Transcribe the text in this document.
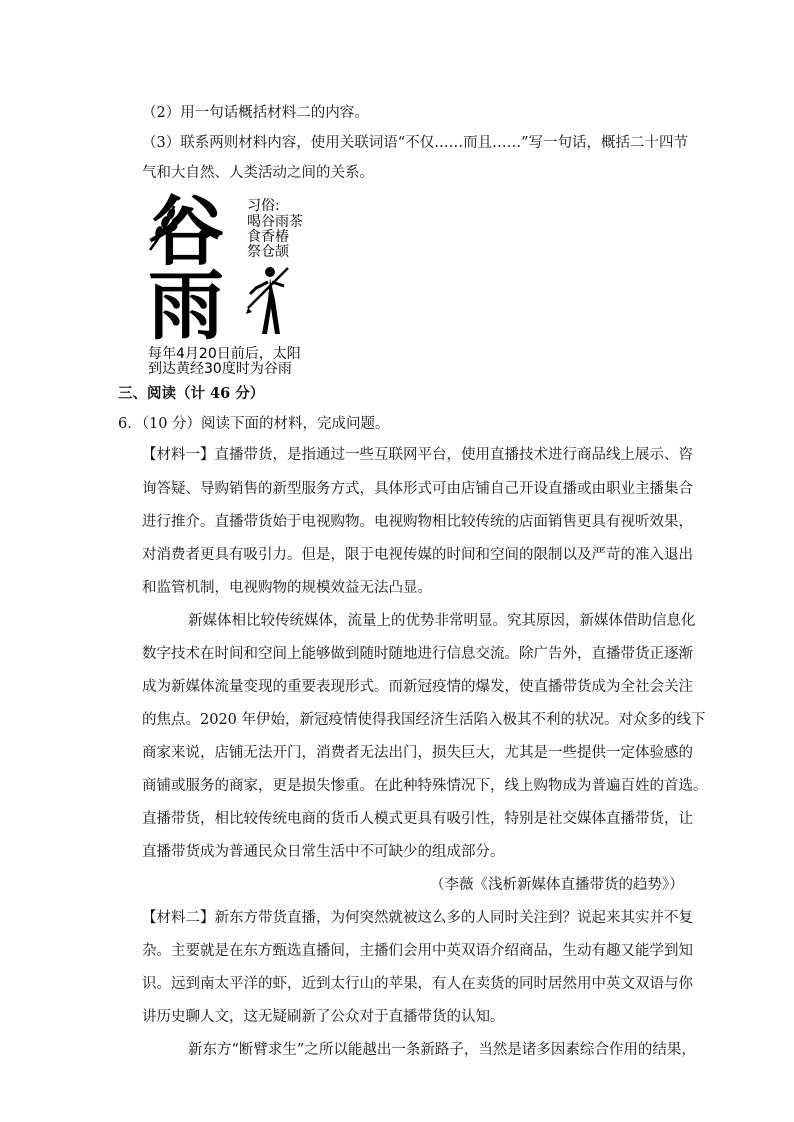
（2）用一句话概括材料二的内容。
（3）联系两则材料内容，使用关联词语“不仅……而且……”写一句话，概括二十四节
气和大自然、人类活动之间的关系。
谷
雨
习俗:
喝谷雨茶
食香椿
祭仓颉
每年4月20日前后，太阳
到达黄经30度时为谷雨
三、阅读（计 46 分）
6．（10 分）阅读下面的材料，完成问题。
【材料一】直播带货，是指通过一些互联网平台，使用直播技术进行商品线上展示、咨
询答疑、导购销售的新型服务方式，具体形式可由店铺自己开设直播或由职业主播集合
进行推介。直播带货始于电视购物。电视购物相比较传统的店面销售更具有视听效果，
对消费者更具有吸引力。但是，限于电视传媒的时间和空间的限制以及严苛的准入退出
和监管机制，电视购物的规模效益无法凸显。
新媒体相比较传统媒体，流量上的优势非常明显。究其原因，新媒体借助信息化
数字技术在时间和空间上能够做到随时随地进行信息交流。除广告外，直播带货正逐渐
成为新媒体流量变现的重要表现形式。而新冠疫情的爆发，使直播带货成为全社会关注
的焦点。2020 年伊始，新冠疫情使得我国经济生活陷入极其不利的状况。对众多的线下
商家来说，店铺无法开门，消费者无法出门，损失巨大，尤其是一些提供一定体验感的
商铺或服务的商家，更是损失惨重。在此种特殊情况下，线上购物成为普遍百姓的首选。
直播带货，相比较传统电商的货币人模式更具有吸引性，特别是社交媒体直播带货，让
直播带货成为普通民众日常生活中不可缺少的组成部分。
（李薇《浅析新媒体直播带货的趋势》）
【材料二】新东方带货直播，为何突然就被这么多的人同时关注到？说起来其实并不复
杂。主要就是在东方甄选直播间，主播们会用中英双语介绍商品，生动有趣又能学到知
识。远到南太平洋的虾，近到太行山的苹果，有人在卖货的同时居然用中英文双语与你
讲历史聊人文，这无疑刷新了公众对于直播带货的认知。
新东方“断臂求生”之所以能越出一条新路子，当然是诸多因素综合作用的结果，
